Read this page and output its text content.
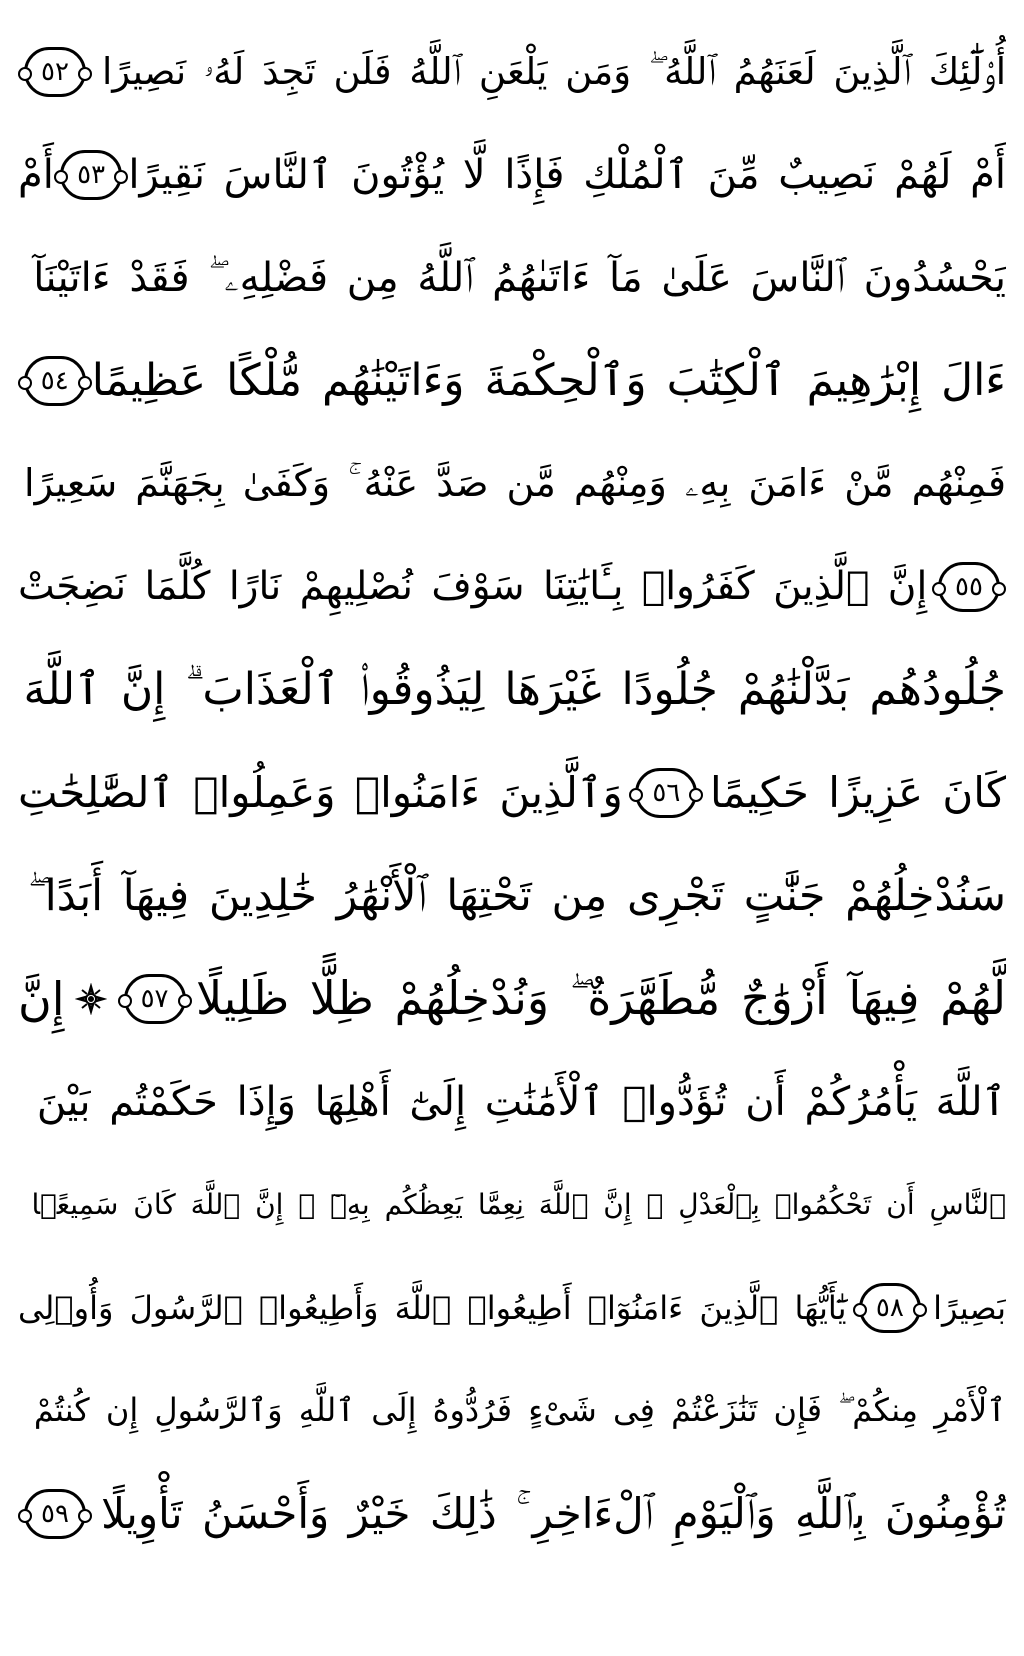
أُو۟لَٰٓئِكَ ٱلَّذِينَ لَعَنَهُمُ ٱللَّهُ ۖ وَمَن يَلْعَنِ ٱللَّهُ فَلَن تَجِدَ لَهُۥ نَصِيرًا
٥٢
أَمْ لَهُمْ نَصِيبٌ مِّنَ ٱلْمُلْكِ فَإِذًا لَّا يُؤْتُونَ ٱلنَّاسَ نَقِيرًا
٥٣
أَمْ
يَحْسُدُونَ ٱلنَّاسَ عَلَىٰ مَآ ءَاتَىٰهُمُ ٱللَّهُ مِن فَضْلِهِۦ ۖ فَقَدْ ءَاتَيْنَآ
ءَالَ إِبْرَٰهِيمَ ٱلْكِتَٰبَ وَٱلْحِكْمَةَ وَءَاتَيْنَٰهُم مُّلْكًا عَظِيمًا
٥٤
فَمِنْهُم مَّنْ ءَامَنَ بِهِۦ وَمِنْهُم مَّن صَدَّ عَنْهُ ۚ وَكَفَىٰ بِجَهَنَّمَ سَعِيرًا
٥٥
إِنَّ ٱلَّذِينَ كَفَرُوا۟ بِـَٔايَٰتِنَا سَوْفَ نُصْلِيهِمْ نَارًا كُلَّمَا نَضِجَتْ
جُلُودُهُم بَدَّلْنَٰهُمْ جُلُودًا غَيْرَهَا لِيَذُوقُوا۟ ٱلْعَذَابَ ۗ إِنَّ ٱللَّهَ
كَانَ عَزِيزًا حَكِيمًا
٥٦
وَٱلَّذِينَ ءَامَنُوا۟ وَعَمِلُوا۟ ٱلصَّٰلِحَٰتِ
سَنُدْخِلُهُمْ جَنَّٰتٍ تَجْرِى مِن تَحْتِهَا ٱلْأَنْهَٰرُ خَٰلِدِينَ فِيهَآ أَبَدًا ۖ
لَّهُمْ فِيهَآ أَزْوَٰجٌ مُّطَهَّرَةٌ ۖ وَنُدْخِلُهُمْ ظِلًّا ظَلِيلًا
٥٧
إِنَّ
ٱللَّهَ يَأْمُرُكُمْ أَن تُؤَدُّوا۟ ٱلْأَمَٰنَٰتِ إِلَىٰٓ أَهْلِهَا وَإِذَا حَكَمْتُم بَيْنَ
ٱلنَّاسِ أَن تَحْكُمُوا۟ بِٱلْعَدْلِ ۚ إِنَّ ٱللَّهَ نِعِمَّا يَعِظُكُم بِهِۦٓ ۗ إِنَّ ٱللَّهَ كَانَ سَمِيعًۢا
بَصِيرًا
٥٨
يَٰٓأَيُّهَا ٱلَّذِينَ ءَامَنُوٓا۟ أَطِيعُوا۟ ٱللَّهَ وَأَطِيعُوا۟ ٱلرَّسُولَ وَأُو۟لِى
ٱلْأَمْرِ مِنكُمْ ۖ فَإِن تَنَٰزَعْتُمْ فِى شَىْءٍ فَرُدُّوهُ إِلَى ٱللَّهِ وَٱلرَّسُولِ إِن كُنتُمْ
تُؤْمِنُونَ بِٱللَّهِ وَٱلْيَوْمِ ٱلْءَاخِرِ ۚ ذَٰلِكَ خَيْرٌ وَأَحْسَنُ تَأْوِيلًا
٥٩
